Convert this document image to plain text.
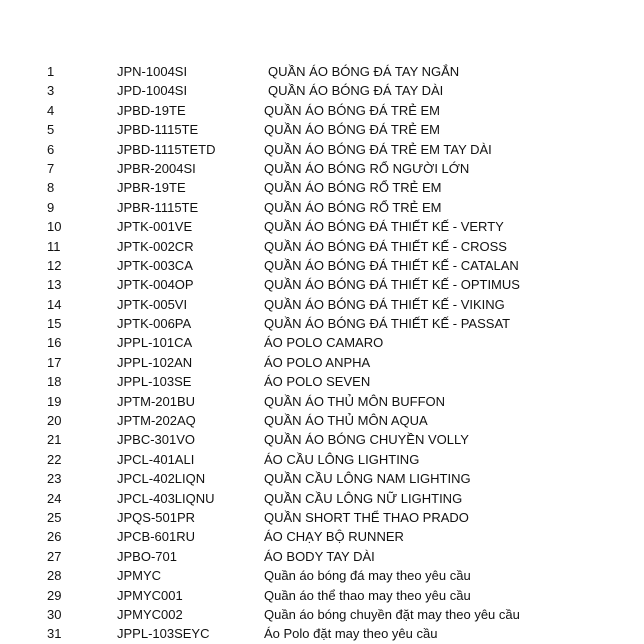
1	JPN-1004SI	QUẦN ÁO BÓNG ĐÁ TAY NGẮN
3	JPD-1004SI	QUẦN ÁO BÓNG ĐÁ TAY DÀI
4	JPBD-19TE	QUẦN ÁO BÓNG ĐÁ TRẺ EM
5	JPBD-1115TE	QUẦN ÁO BÓNG ĐÁ TRẺ EM
6	JPBD-1115TETD	QUẦN ÁO BÓNG ĐÁ TRẺ EM TAY DÀI
7	JPBR-2004SI	QUẦN ÁO BÓNG RỔ NGƯỜI LỚN
8	JPBR-19TE	QUẦN ÁO BÓNG RỔ TRẺ EM
9	JPBR-1115TE	QUẦN ÁO BÓNG RỔ TRẺ EM
10	JPTK-001VE	QUẦN ÁO BÓNG ĐÁ THIẾT KẾ - VERTY
11	JPTK-002CR	QUẦN ÁO BÓNG ĐÁ THIẾT KẾ - CROSS
12	JPTK-003CA	QUẦN ÁO BÓNG ĐÁ THIẾT KẾ - CATALAN
13	JPTK-004OP	QUẦN ÁO BÓNG ĐÁ THIẾT KẾ - OPTIMUS
14	JPTK-005VI	QUẦN ÁO BÓNG ĐÁ THIẾT KẾ - VIKING
15	JPTK-006PA	QUẦN ÁO BÓNG ĐÁ THIẾT KẾ - PASSAT
16	JPPL-101CA	ÁO POLO CAMARO
17	JPPL-102AN	ÁO POLO ANPHA
18	JPPL-103SE	ÁO POLO SEVEN
19	JPTM-201BU	QUẦN ÁO THỦ MÔN BUFFON
20	JPTM-202AQ	QUẦN ÁO THỦ MÔN AQUA
21	JPBC-301VO	QUẦN ÁO BÓNG CHUYỀN VOLLY
22	JPCL-401ALI	ÁO CẦU LÔNG LIGHTING
23	JPCL-402LIQN	QUẦN CẦU LÔNG NAM LIGHTING
24	JPCL-403LIQNU	QUẦN CẦU LÔNG NỮ LIGHTING
25	JPQS-501PR	QUẦN SHORT THỂ THAO PRADO
26	JPCB-601RU	ÁO CHẠY BỘ RUNNER
27	JPBO-701	ÁO BODY TAY DÀI
28	JPMYC	Quần áo bóng đá may theo yêu cầu
29	JPMYC001	Quần áo thể thao may theo yêu cầu
30	JPMYC002	Quần áo bóng chuyền đặt may theo yêu cầu
31	JPPL-103SEYC	Áo Polo đặt may theo yêu cầu
